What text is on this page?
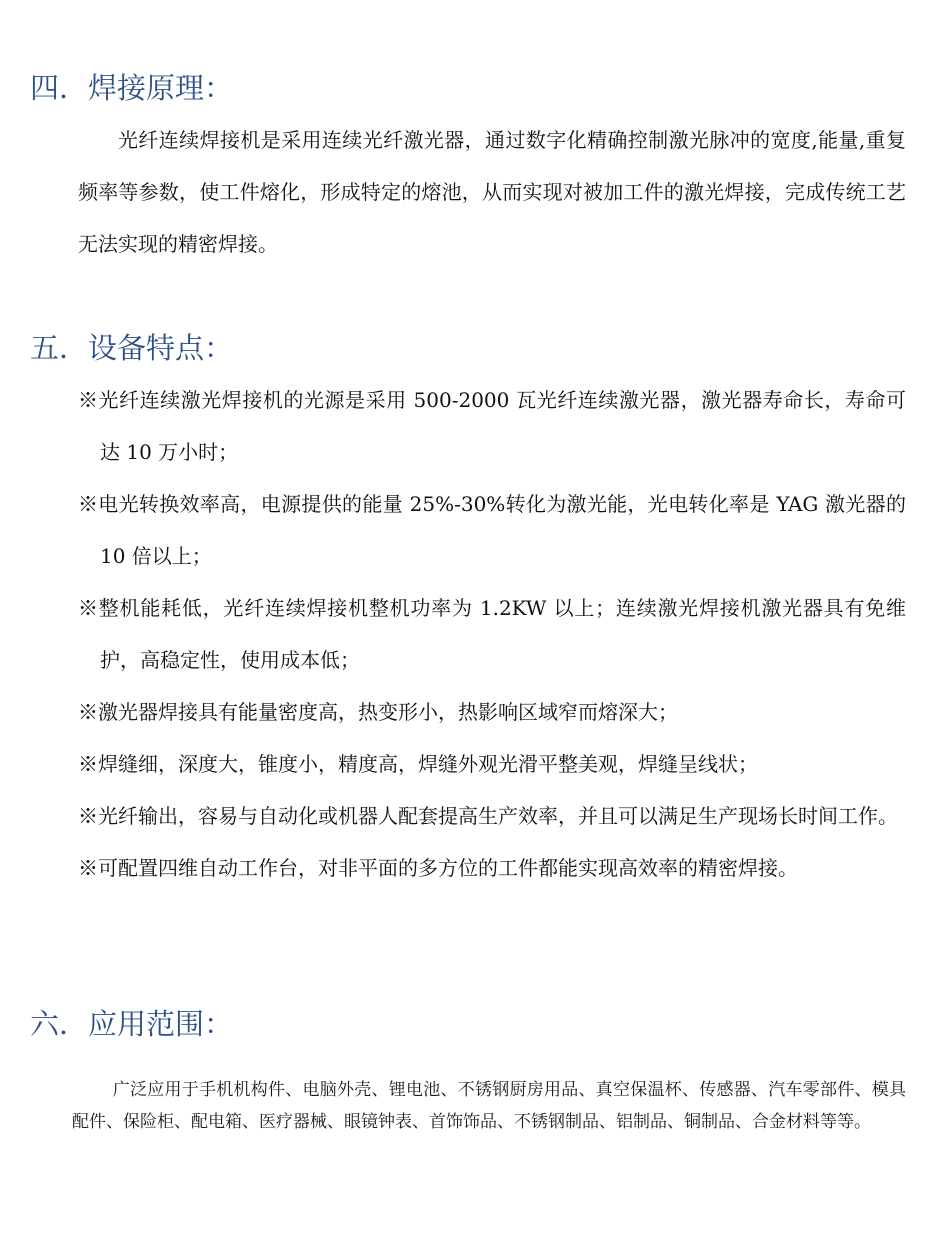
四．焊接原理：

光纤连续焊接机是采用连续光纤激光器，通过数字化精确控制激光脉冲的宽度,能量,重复频率等参数，使工件熔化，形成特定的熔池，从而实现对被加工件的激光焊接，完成传统工艺无法实现的精密焊接。

五．设备特点：
※光纤连续激光焊接机的光源是采用 500-2000 瓦光纤连续激光器，激光器寿命长，寿命可达 10 万小时；
※电光转换效率高，电源提供的能量 25%-30%转化为激光能，光电转化率是 YAG 激光器的 10 倍以上；
※整机能耗低，光纤连续焊接机整机功率为 1.2KW 以上；连续激光焊接机激光器具有免维护，高稳定性，使用成本低；
※激光器焊接具有能量密度高，热变形小，热影响区域窄而熔深大；
※焊缝细，深度大，锥度小，精度高，焊缝外观光滑平整美观，焊缝呈线状；
※光纤输出，容易与自动化或机器人配套提高生产效率，并且可以满足生产现场长时间工作。
※可配置四维自动工作台，对非平面的多方位的工件都能实现高效率的精密焊接。
六．应用范围：

广泛应用于手机机构件、电脑外壳、锂电池、不锈钢厨房用品、真空保温杯、传感器、汽车零部件、模具配件、保险柜、配电箱、医疗器械、眼镜钟表、首饰饰品、不锈钢制品、铝制品、铜制品、合金材料等等。
